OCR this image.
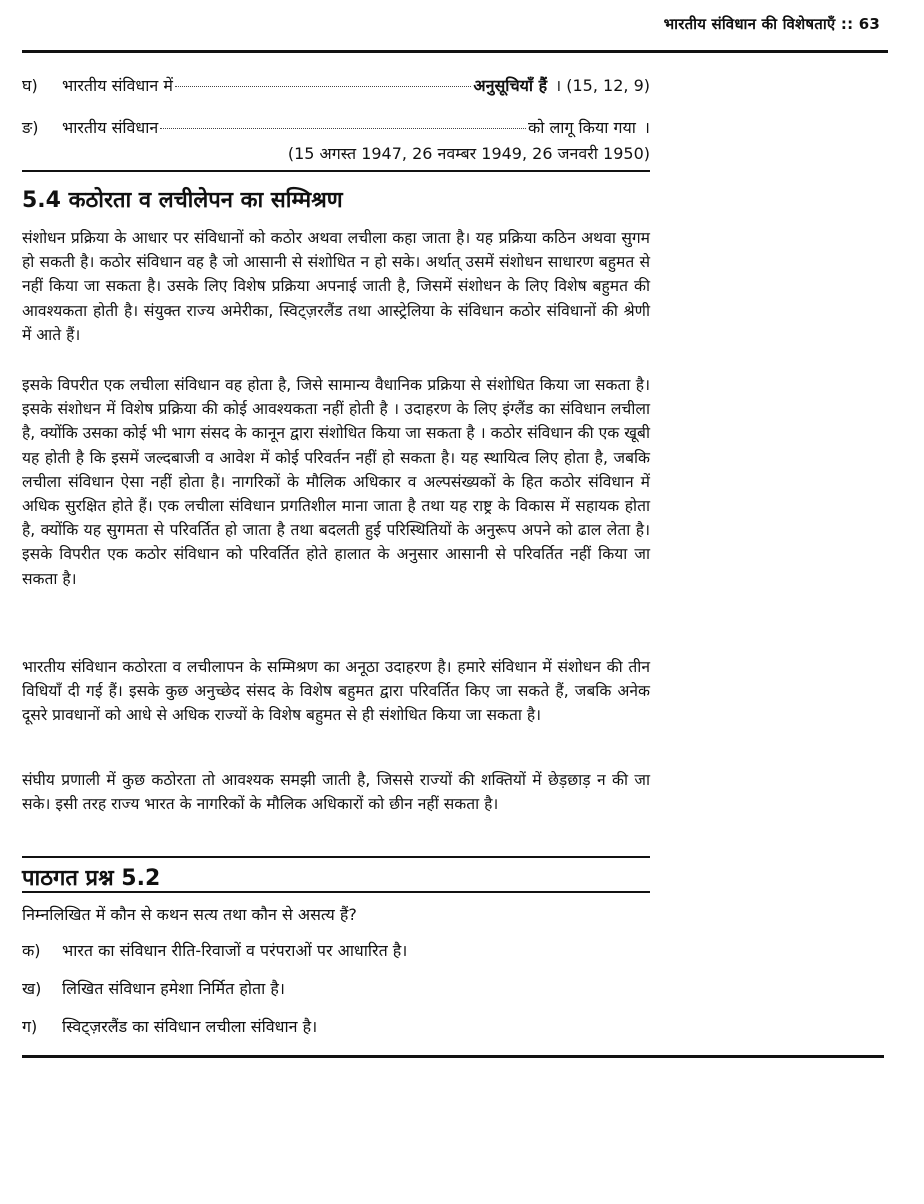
भारतीय संविधान की विशेषताएँ :: 63
घ) भारतीय संविधान में	अनुसूचियाँ हैं । (15, 12, 9)
ङ) भारतीय संविधान	को लागू किया गया ।
(15 अगस्त 1947, 26 नवम्बर 1949, 26 जनवरी 1950)
5.4 कठोरता व लचीलेपन का सम्मिश्रण

संशोधन प्रक्रिया के आधार पर संविधानों को कठोर अथवा लचीला कहा जाता है। यह प्रक्रिया कठिन अथवा सुगम हो सकती है। कठोर संविधान वह है जो आसानी से संशोधित न हो सके। अर्थात् उसमें संशोधन साधारण बहुमत से नहीं किया जा सकता है। उसके लिए विशेष प्रक्रिया अपनाई जाती है, जिसमें संशोधन के लिए विशेष बहुमत की आवश्यकता होती है। संयुक्त राज्य अमेरीका, स्विट्ज़रलैंड तथा आस्ट्रेलिया के संविधान कठोर संविधानों की श्रेणी में आते हैं।

इसके विपरीत एक लचीला संविधान वह होता है, जिसे सामान्य वैधानिक प्रक्रिया से संशोधित किया जा सकता है। इसके संशोधन में विशेष प्रक्रिया की कोई आवश्यकता नहीं होती है । उदाहरण के लिए इंग्लैंड का संविधान लचीला है, क्योंकि उसका कोई भी भाग संसद के कानून द्वारा संशोधित किया जा सकता है । कठोर संविधान की एक खूबी यह होती है कि इसमें जल्दबाजी व आवेश में कोई परिवर्तन नहीं हो सकता है। यह स्थायित्व लिए होता है, जबकि लचीला संविधान ऐसा नहीं होता है। नागरिकों के मौलिक अधिकार व अल्पसंख्यकों के हित कठोर संविधान में अधिक सुरक्षित होते हैं। एक लचीला संविधान प्रगतिशील माना जाता है तथा यह राष्ट्र के विकास में सहायक होता है, क्योंकि यह सुगमता से परिवर्तित हो जाता है तथा बदलती हुई परिस्थितियों के अनुरूप अपने को ढाल लेता है। इसके विपरीत एक कठोर संविधान को परिवर्तित होते हालात के अनुसार आसानी से परिवर्तित नहीं किया जा सकता है।

भारतीय संविधान कठोरता व लचीलापन के सम्मिश्रण का अनूठा उदाहरण है। हमारे संविधान में संशोधन की तीन विधियाँ दी गई हैं। इसके कुछ अनुच्छेद संसद के विशेष बहुमत द्वारा परिवर्तित किए जा सकते हैं, जबकि अनेक दूसरे प्रावधानों को आधे से अधिक राज्यों के विशेष बहुमत से ही संशोधित किया जा सकता है।

संघीय प्रणाली में कुछ कठोरता तो आवश्यक समझी जाती है, जिससे राज्यों की शक्तियों में छेड़छाड़ न की जा सके। इसी तरह राज्य भारत के नागरिकों के मौलिक अधिकारों को छीन नहीं सकता है।

पाठगत प्रश्न 5.2
निम्नलिखित में कौन से कथन सत्य तथा कौन से असत्य हैं?
क) भारत का संविधान रीति-रिवाजों व परंपराओं पर आधारित है।
ख) लिखित संविधान हमेशा निर्मित होता है।
ग) स्विट्ज़रलैंड का संविधान लचीला संविधान है।
